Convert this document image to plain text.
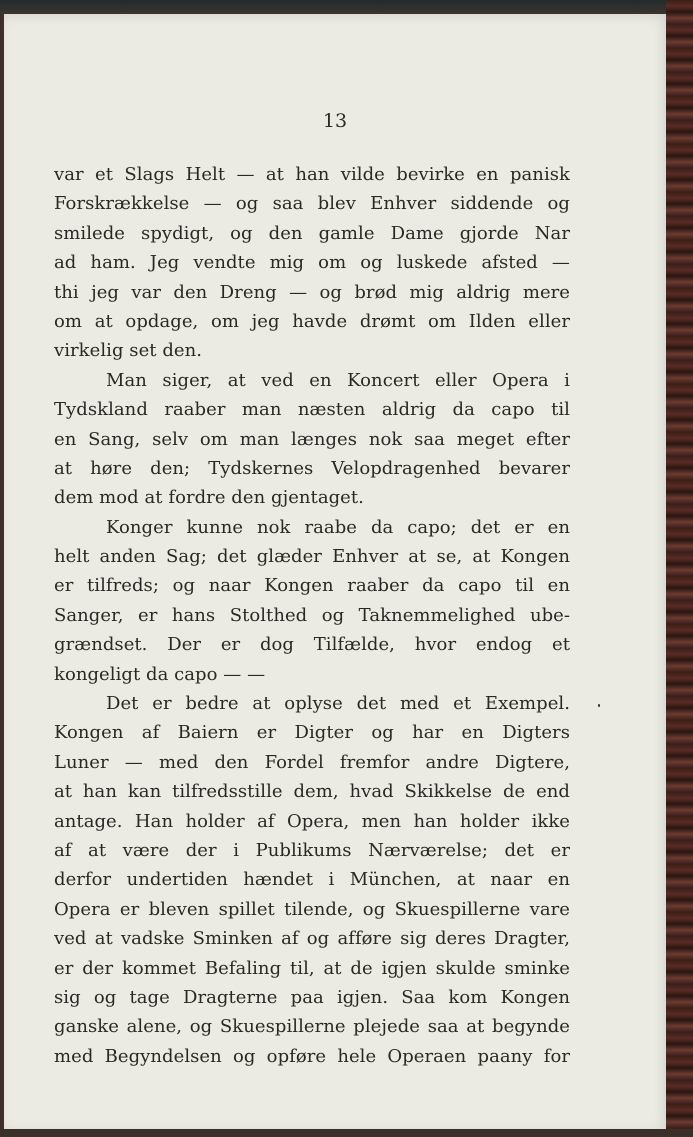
13
var et Slags Helt — at han vilde bevirke en panisk
Forskrækkelse — og saa blev Enhver siddende og
smilede spydigt, og den gamle Dame gjorde Nar
ad ham. Jeg vendte mig om og luskede afsted —
thi jeg var den Dreng — og brød mig aldrig mere
om at opdage, om jeg havde drømt om Ilden eller
virkelig set den.
Man siger, at ved en Koncert eller Opera i
Tydskland raaber man næsten aldrig da capo til
en Sang, selv om man længes nok saa meget efter
at høre den; Tydskernes Velopdragenhed bevarer
dem mod at fordre den gjentaget.
Konger kunne nok raabe da capo; det er en
helt anden Sag; det glæder Enhver at se, at Kongen
er tilfreds; og naar Kongen raaber da capo til en
Sanger, er hans Stolthed og Taknemmelighed ube-
grændset. Der er dog Tilfælde, hvor endog et
kongeligt da capo — —
Det er bedre at oplyse det med et Exempel.
Kongen af Baiern er Digter og har en Digters
Luner — med den Fordel fremfor andre Digtere,
at han kan tilfredsstille dem, hvad Skikkelse de end
antage. Han holder af Opera, men han holder ikke
af at være der i Publikums Nærværelse; det er
derfor undertiden hændet i München, at naar en
Opera er bleven spillet tilende, og Skuespillerne vare
ved at vadske Sminken af og afføre sig deres Dragter,
er der kommet Befaling til, at de igjen skulde sminke
sig og tage Dragterne paa igjen. Saa kom Kongen
ganske alene, og Skuespillerne plejede saa at begynde
med Begyndelsen og opføre hele Operaen paany for
